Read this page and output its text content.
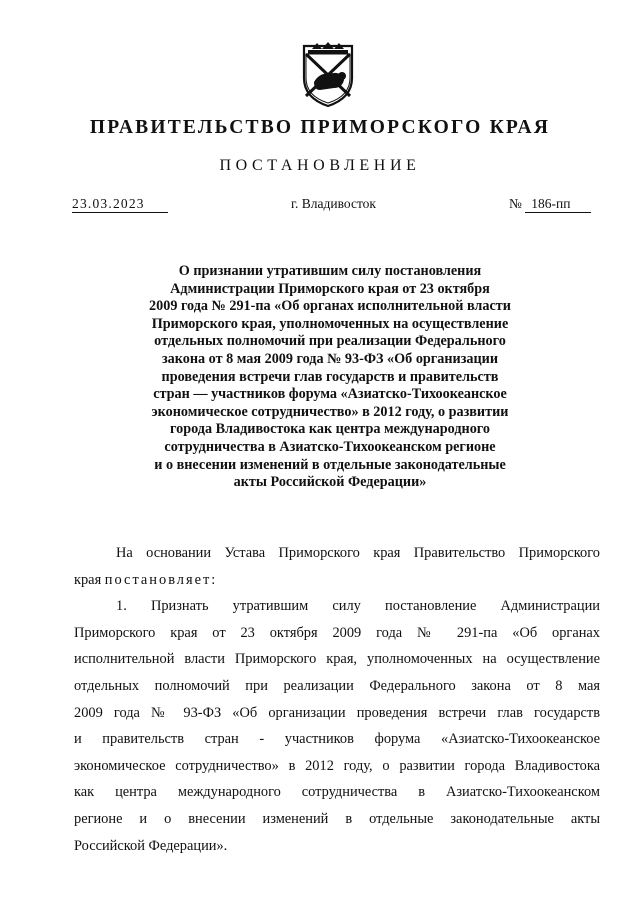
ПРАВИТЕЛЬСТВО ПРИМОРСКОГО КРАЯ
ПОСТАНОВЛЕНИЕ
23.03.2023	г. Владивосток	№ 186-пп
О признании утратившим силу постановления
Администрации Приморского края от 23 октября
2009 года № 291-па «Об органах исполнительной власти
Приморского края, уполномоченных на осуществление
отдельных полномочий при реализации Федерального
закона от 8 мая 2009 года № 93-ФЗ «Об организации
проведения встречи глав государств и правительств
стран — участников форума «Азиатско-Тихоокеанское
экономическое сотрудничество» в 2012 году, о развитии
города Владивостока как центра международного
сотрудничества в Азиатско-Тихоокеанском регионе
и о внесении изменений в отдельные законодательные
акты Российской Федерации»
На основании Устава Приморского края Правительство Приморского
края постановляет:
1. Признать утратившим силу постановление Администрации
Приморского края от 23 октября 2009 года № 291-па «Об органах
исполнительной власти Приморского края, уполномоченных на осуществление
отдельных полномочий при реализации Федерального закона от 8 мая
2009 года № 93-ФЗ «Об организации проведения встречи глав государств
и правительств стран - участников форума «Азиатско-Тихоокеанское
экономическое сотрудничество» в 2012 году, о развитии города Владивостока
как центра международного сотрудничества в Азиатско-Тихоокеанском
регионе и о внесении изменений в отдельные законодательные акты
Российской Федерации».
